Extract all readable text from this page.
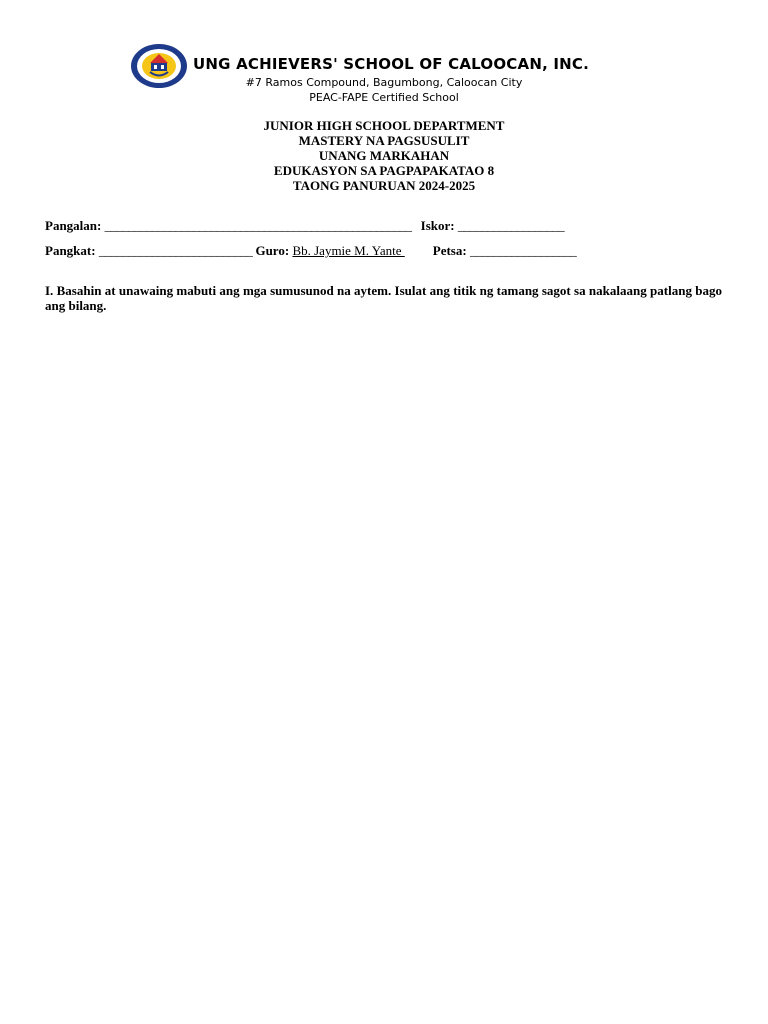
UNG ACHIEVERS' SCHOOL OF CALOOCAN, INC.
#7 Ramos Compound, Bagumbong, Caloocan City
PEAC-FAPE Certified School
JUNIOR HIGH SCHOOL DEPARTMENT
MASTERY NA PAGSUSULIT
UNANG MARKAHAN
EDUKASYON SA PAGPAPAKATAO 8
TAONG PANURUAN 2024-2025
Pangalan: ____________________________________________________ Iskor: __________________
Pangkat: __________________________ Guro: Bb. Jaymie M. Yante Petsa: __________________
I. Basahin at unawaing mabuti ang mga sumusunod na aytem. Isulat ang titik ng tamang sagot sa nakalaang patlang bago ang bilang.
